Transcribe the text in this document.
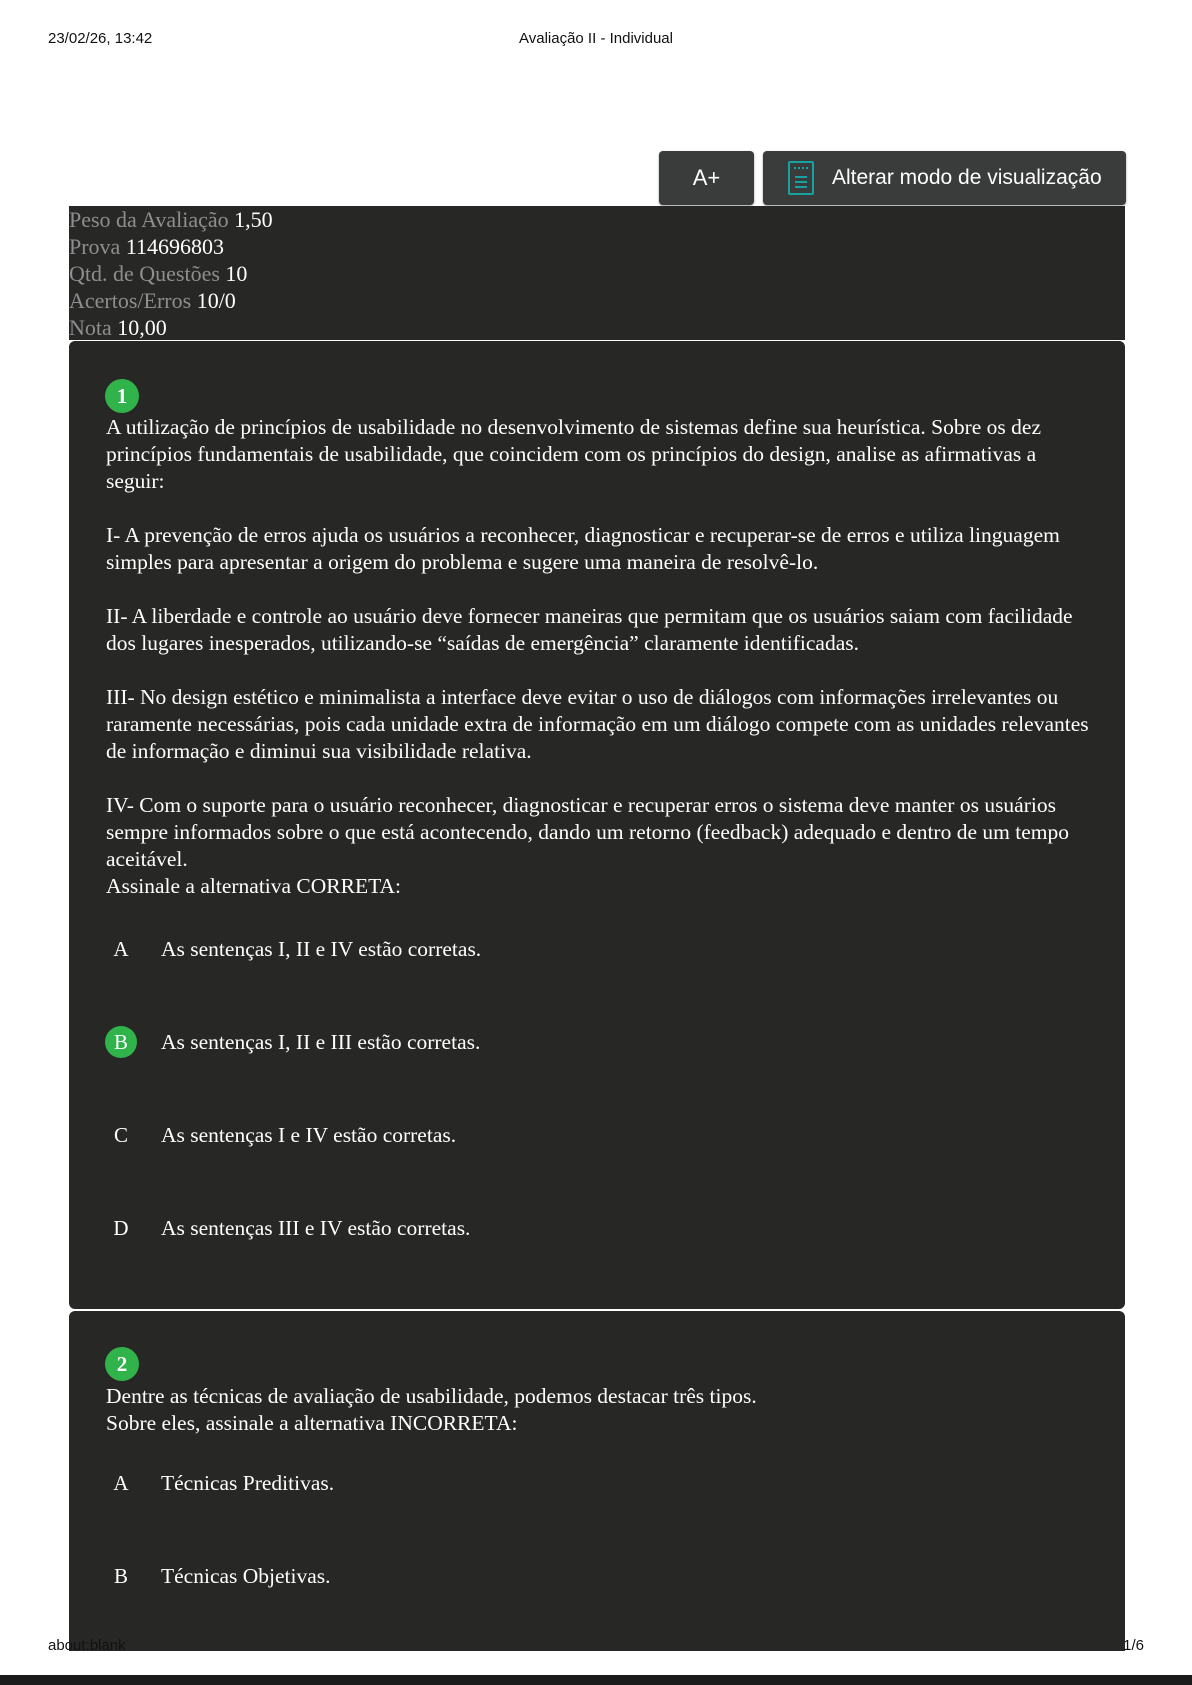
23/02/26, 13:42	Avaliação II - Individual
A+	Alterar modo de visualização
Peso da Avaliação 1,50
Prova 114696803
Qtd. de Questões 10
Acertos/Erros 10/0
Nota 10,00
1

A utilização de princípios de usabilidade no desenvolvimento de sistemas define sua heurística. Sobre os dez princípios fundamentais de usabilidade, que coincidem com os princípios do design, analise as afirmativas a seguir:

I- A prevenção de erros ajuda os usuários a reconhecer, diagnosticar e recuperar-se de erros e utiliza linguagem simples para apresentar a origem do problema e sugere uma maneira de resolvê-lo.

II- A liberdade e controle ao usuário deve fornecer maneiras que permitam que os usuários saiam com facilidade dos lugares inesperados, utilizando-se “saídas de emergência” claramente identificadas.

III- No design estético e minimalista a interface deve evitar o uso de diálogos com informações irrelevantes ou raramente necessárias, pois cada unidade extra de informação em um diálogo compete com as unidades relevantes de informação e diminui sua visibilidade relativa.

IV- Com o suporte para o usuário reconhecer, diagnosticar e recuperar erros o sistema deve manter os usuários sempre informados sobre o que está acontecendo, dando um retorno (feedback) adequado e dentro de um tempo aceitável.

Assinale a alternativa CORRETA:

A	As sentenças I, II e IV estão corretas.
B	As sentenças I, II e III estão corretas.
C	As sentenças I e IV estão corretas.
D	As sentenças III e IV estão corretas.
2

Dentre as técnicas de avaliação de usabilidade, podemos destacar três tipos.

Sobre eles, assinale a alternativa INCORRETA:

A	Técnicas Preditivas.
B	Técnicas Objetivas.
about:blank	1/6
